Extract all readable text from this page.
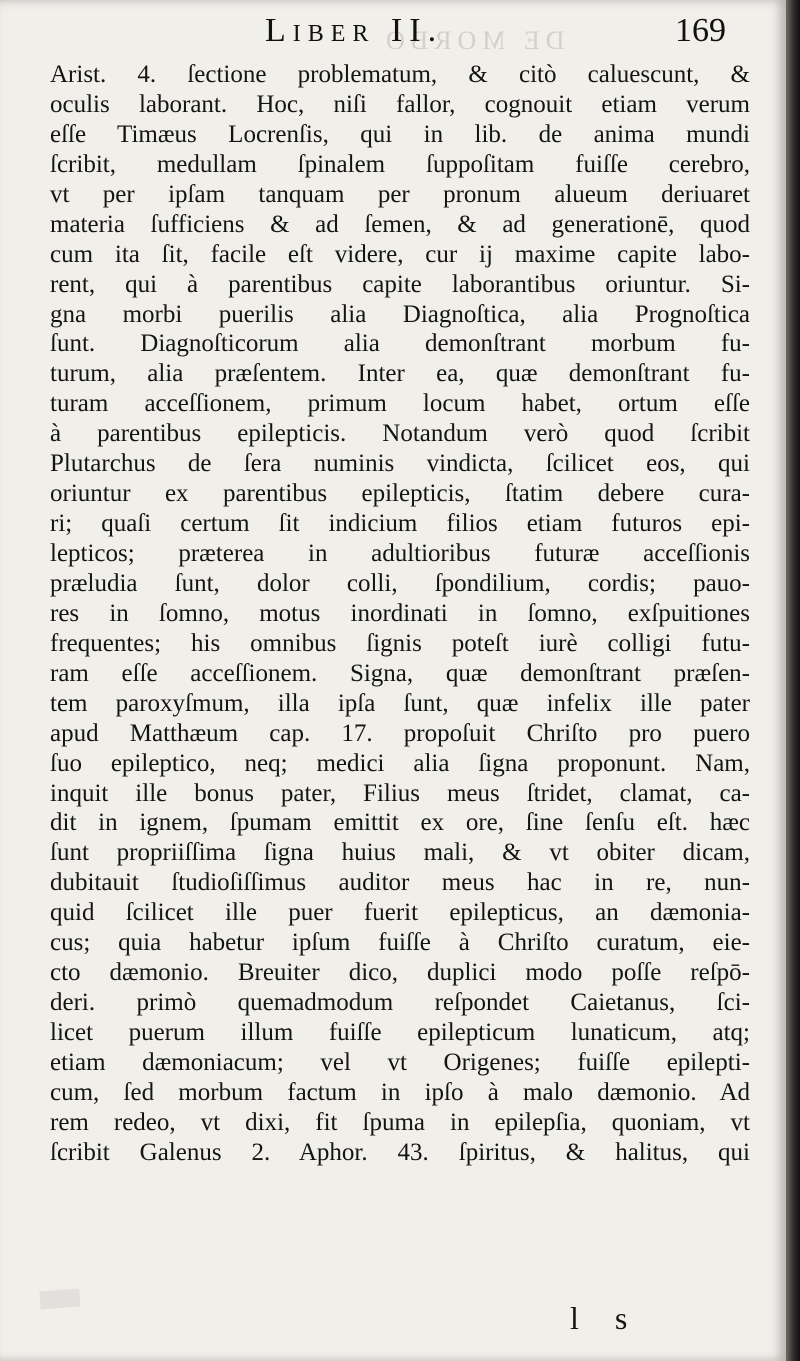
DE MORBO
Liber II.	169
Arist. 4. ſectione problematum, & citò caluescunt, &
oculis laborant. Hoc, niſi fallor, cognouit etiam verum
eſſe Timæus Locrenſis, qui in lib. de anima mundi
ſcribit, medullam ſpinalem ſuppoſitam fuiſſe cerebro,
vt per ipſam tanquam per pronum alueum deriuaret
materia ſufficiens & ad ſemen, & ad generationē, quod
cum ita ſit, facile eſt videre, cur ij maxime capite labo-
rent, qui à parentibus capite laborantibus oriuntur. Si-
gna morbi puerilis alia Diagnoſtica, alia Prognoſtica
ſunt. Diagnoſticorum alia demonſtrant morbum fu-
turum, alia præſentem. Inter ea, quæ demonſtrant fu-
turam acceſſionem, primum locum habet, ortum eſſe
à parentibus epilepticis. Notandum verò quod ſcribit
Plutarchus de ſera numinis vindicta, ſcilicet eos, qui
oriuntur ex parentibus epilepticis, ſtatim debere cura-
ri; quaſi certum ſit indicium filios etiam futuros epi-
lepticos; præterea in adultioribus futuræ acceſſionis
præludia ſunt, dolor colli, ſpondilium, cordis; pauo-
res in ſomno, motus inordinati in ſomno, exſpuitiones
frequentes; his omnibus ſignis poteſt iurè colligi futu-
ram eſſe acceſſionem. Signa, quæ demonſtrant præſen-
tem paroxyſmum, illa ipſa ſunt, quæ infelix ille pater
apud Matthæum cap. 17. propoſuit Chriſto pro puero
ſuo epileptico, neq; medici alia ſigna proponunt. Nam,
inquit ille bonus pater, Filius meus ſtridet, clamat, ca-
dit in ignem, ſpumam emittit ex ore, ſine ſenſu eſt. hæc
ſunt propriiſſima ſigna huius mali, & vt obiter dicam,
dubitauit ſtudioſiſſimus auditor meus hac in re, nun-
quid ſcilicet ille puer fuerit epilepticus, an dæmonia-
cus; quia habetur ipſum fuiſſe à Chriſto curatum, eie-
cto dæmonio. Breuiter dico, duplici modo poſſe reſpō-
deri. primò quemadmodum reſpondet Caietanus, ſci-
licet puerum illum fuiſſe epilepticum lunaticum, atq;
etiam dæmoniacum; vel vt Origenes; fuiſſe epilepti-
cum, ſed morbum factum in ipſo à malo dæmonio. Ad
rem redeo, vt dixi, fit ſpuma in epilepſia, quoniam, vt
ſcribit Galenus 2. Aphor. 43. ſpiritus, & halitus, qui
l s
